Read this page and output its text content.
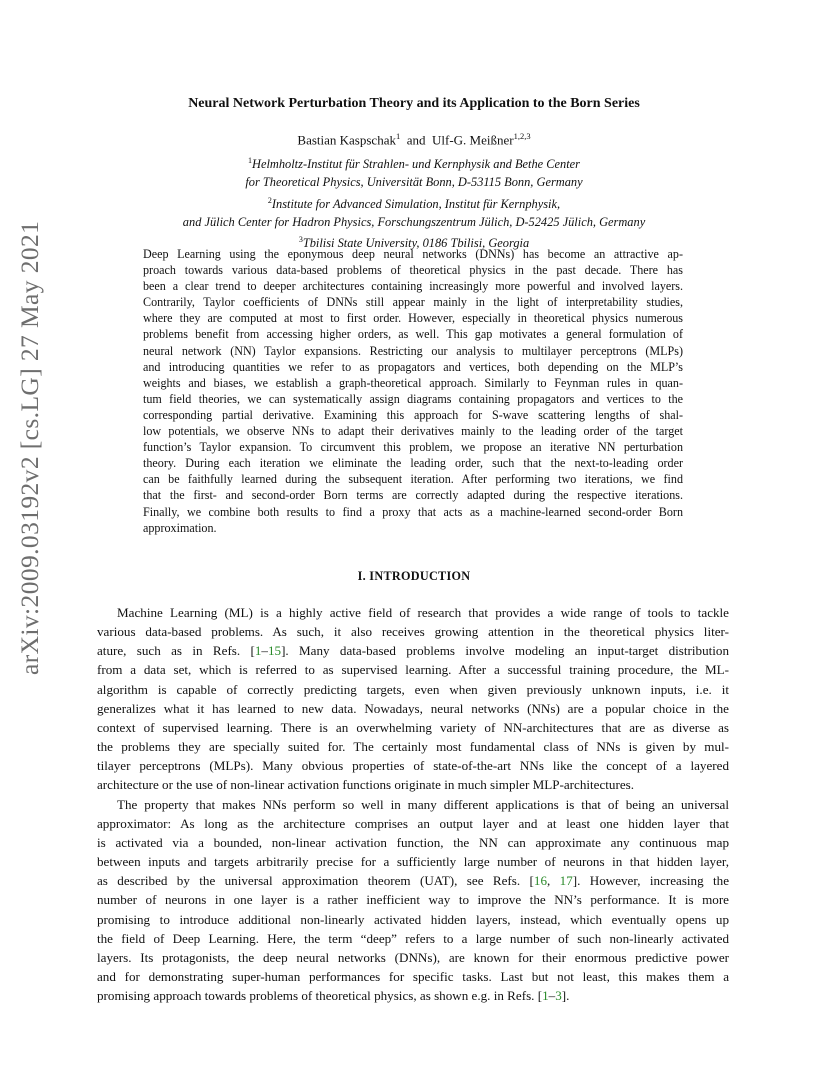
arXiv:2009.03192v2 [cs.LG] 27 May 2021
Neural Network Perturbation Theory and its Application to the Born Series
Bastian Kaspschak$^1$ and Ulf-G. Meißner$^{1,2,3}$
$^1$Helmholtz-Institut für Strahlen- und Kernphysik and Bethe Center
for Theoretical Physics, Universität Bonn, D-53115 Bonn, Germany
$^2$Institute for Advanced Simulation, Institut für Kernphysik,
and Jülich Center for Hadron Physics, Forschungszentrum Jülich, D-52425 Jülich, Germany
$^3$Tbilisi State University, 0186 Tbilisi, Georgia
Deep Learning using the eponymous deep neural networks (DNNs) has become an attractive ap-
proach towards various data-based problems of theoretical physics in the past decade. There has
been a clear trend to deeper architectures containing increasingly more powerful and involved layers.
Contrarily, Taylor coefficients of DNNs still appear mainly in the light of interpretability studies,
where they are computed at most to first order. However, especially in theoretical physics numerous
problems benefit from accessing higher orders, as well. This gap motivates a general formulation of
neural network (NN) Taylor expansions. Restricting our analysis to multilayer perceptrons (MLPs)
and introducing quantities we refer to as propagators and vertices, both depending on the MLP’s
weights and biases, we establish a graph-theoretical approach. Similarly to Feynman rules in quan-
tum field theories, we can systematically assign diagrams containing propagators and vertices to the
corresponding partial derivative. Examining this approach for S-wave scattering lengths of shal-
low potentials, we observe NNs to adapt their derivatives mainly to the leading order of the target
function’s Taylor expansion. To circumvent this problem, we propose an iterative NN perturbation
theory. During each iteration we eliminate the leading order, such that the next-to-leading order
can be faithfully learned during the subsequent iteration. After performing two iterations, we find
that the first- and second-order Born terms are correctly adapted during the respective iterations.
Finally, we combine both results to find a proxy that acts as a machine-learned second-order Born
approximation.
I. INTRODUCTION
Machine Learning (ML) is a highly active field of research that provides a wide range of tools to tackle
various data-based problems. As such, it also receives growing attention in the theoretical physics liter-
ature, such as in Refs. [1–15]. Many data-based problems involve modeling an input-target distribution
from a data set, which is referred to as supervised learning. After a successful training procedure, the ML-
algorithm is capable of correctly predicting targets, even when given previously unknown inputs, i.e. it
generalizes what it has learned to new data. Nowadays, neural networks (NNs) are a popular choice in the
context of supervised learning. There is an overwhelming variety of NN-architectures that are as diverse as
the problems they are specially suited for. The certainly most fundamental class of NNs is given by mul-
tilayer perceptrons (MLPs). Many obvious properties of state-of-the-art NNs like the concept of a layered
architecture or the use of non-linear activation functions originate in much simpler MLP-architectures.
The property that makes NNs perform so well in many different applications is that of being an universal
approximator: As long as the architecture comprises an output layer and at least one hidden layer that
is activated via a bounded, non-linear activation function, the NN can approximate any continuous map
between inputs and targets arbitrarily precise for a sufficiently large number of neurons in that hidden layer,
as described by the universal approximation theorem (UAT), see Refs. [16, 17]. However, increasing the
number of neurons in one layer is a rather inefficient way to improve the NN’s performance. It is more
promising to introduce additional non-linearly activated hidden layers, instead, which eventually opens up
the field of Deep Learning. Here, the term “deep” refers to a large number of such non-linearly activated
layers. Its protagonists, the deep neural networks (DNNs), are known for their enormous predictive power
and for demonstrating super-human performances for specific tasks. Last but not least, this makes them a
promising approach towards problems of theoretical physics, as shown e.g. in Refs. [1–3].
